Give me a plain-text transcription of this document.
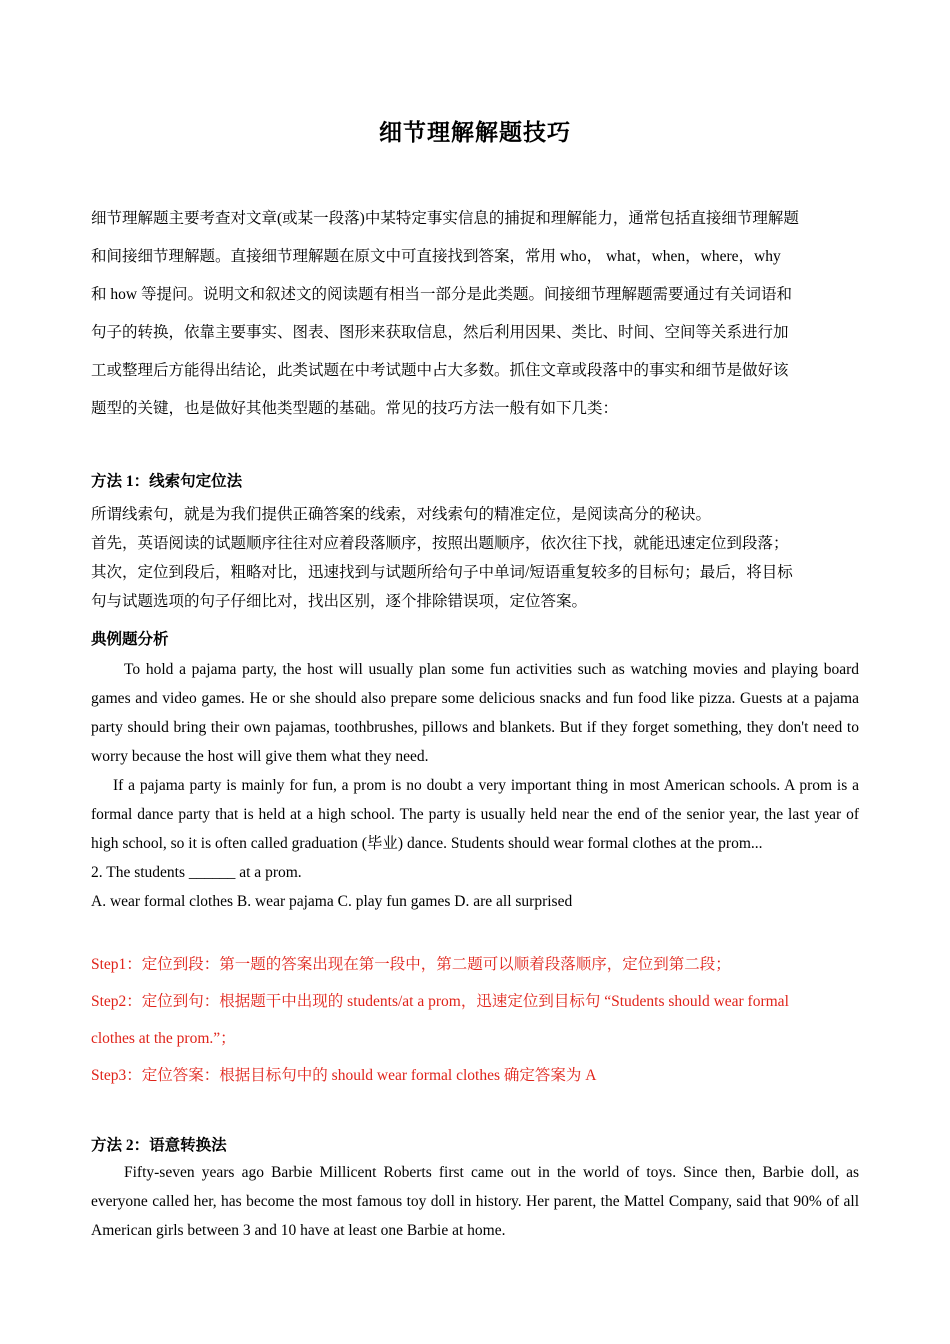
细节理解解题技巧

细节理解题主要考查对文章(或某一段落)中某特定事实信息的捕捉和理解能力，通常包括直接细节理解题

和间接细节理解题。直接细节理解题在原文中可直接找到答案，常用 who， what，when，where，why

和 how 等提问。说明文和叙述文的阅读题有相当一部分是此类题。间接细节理解题需要通过有关词语和

句子的转换，依靠主要事实、图表、图形来获取信息，然后利用因果、类比、时间、空间等关系进行加

工或整理后方能得出结论，此类试题在中考试题中占大多数。抓住文章或段落中的事实和细节是做好该

题型的关键，也是做好其他类型题的基础。常见的技巧方法一般有如下几类：

方法 1：线索句定位法

所谓线索句，就是为我们提供正确答案的线索，对线索句的精准定位，是阅读高分的秘诀。

首先，英语阅读的试题顺序往往对应着段落顺序，按照出题顺序，依次往下找，就能迅速定位到段落；

其次，定位到段后，粗略对比，迅速找到与试题所给句子中单词/短语重复较多的目标句；最后，将目标

句与试题选项的句子仔细比对，找出区别，逐个排除错误项，定位答案。

典例题分析

To hold a pajama party, the host will usually plan some fun activities such as watching movies and playing board games and video games. He or she should also prepare some delicious snacks and fun food like pizza. Guests at a pajama party should bring their own pajamas, toothbrushes, pillows and blankets. But if they forget something, they don't need to worry because the host will give them what they need.

If a pajama party is mainly for fun, a prom is no doubt a very important thing in most American schools. A prom is a formal dance party that is held at a high school. The party is usually held near the end of the senior year, the last year of high school, so it is often called graduation (毕业) dance. Students should wear formal clothes at the prom...

2. The students ______ at a prom.

A. wear formal clothes B. wear pajama C. play fun games D. are all surprised

Step1：定位到段：第一题的答案出现在第一段中，第二题可以顺着段落顺序，定位到第二段；

Step2：定位到句：根据题干中出现的 students/at a prom，迅速定位到目标句 “Students should wear formal

clothes at the prom.”；

Step3：定位答案：根据目标句中的 should wear formal clothes 确定答案为 A

方法 2：语意转换法

Fifty-seven years ago Barbie Millicent Roberts first came out in the world of toys. Since then, Barbie doll, as everyone called her, has become the most famous toy doll in history. Her parent, the Mattel Company, said that 90% of all American girls between 3 and 10 have at least one Barbie at home.
